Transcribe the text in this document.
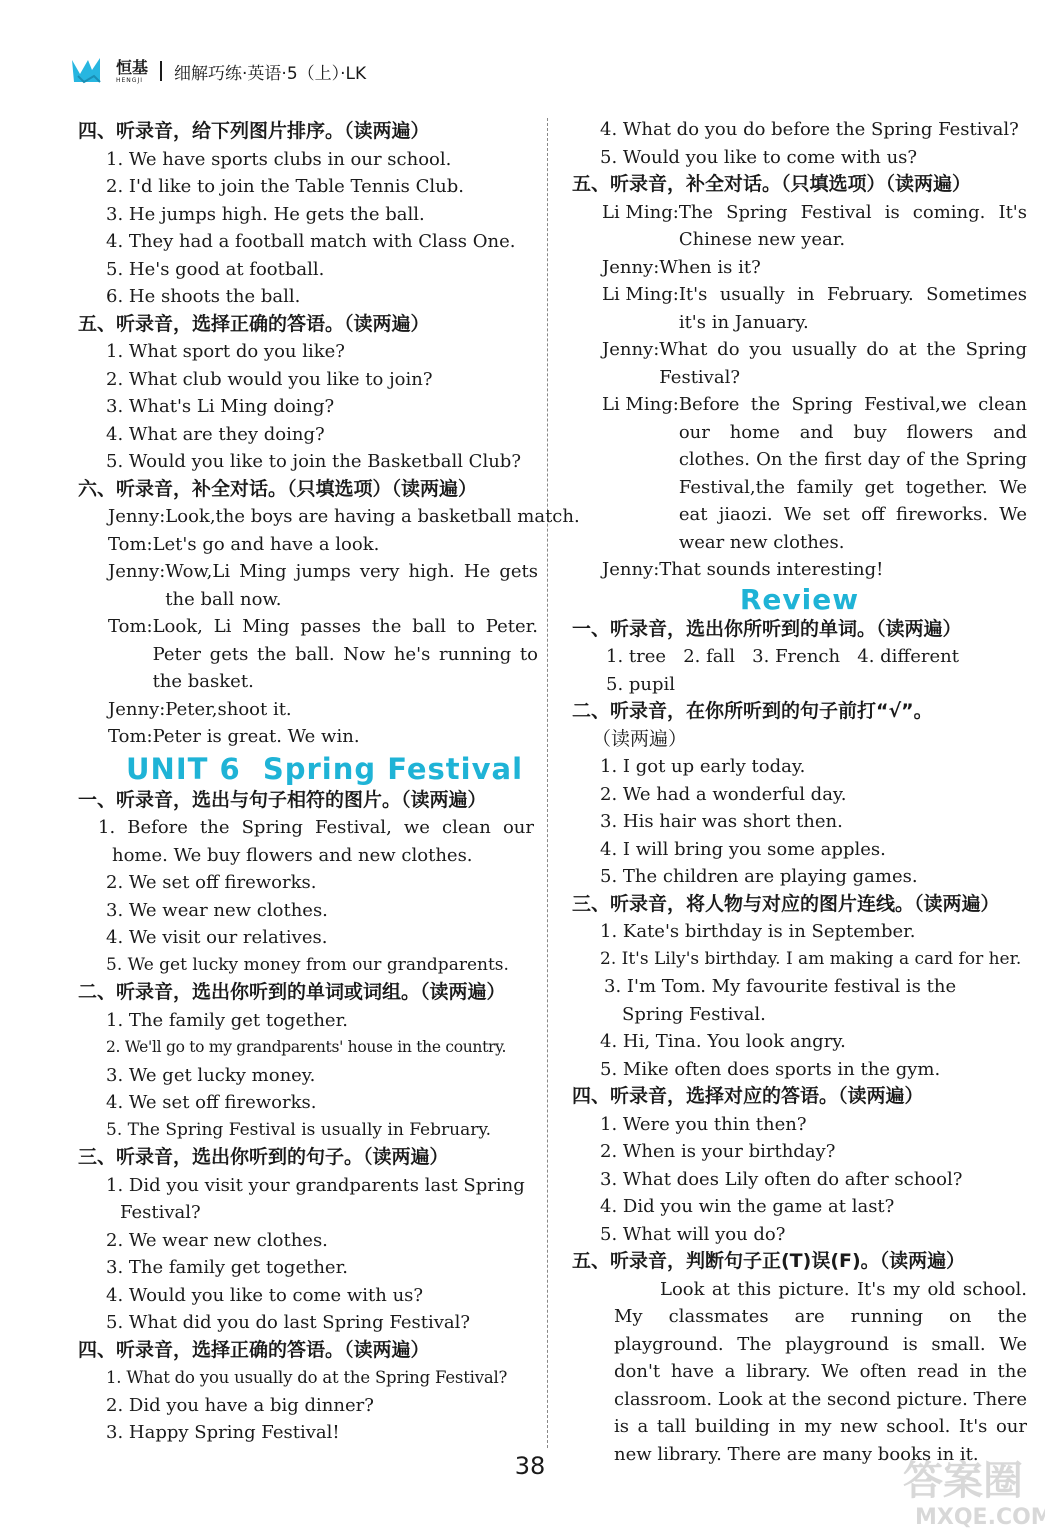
恒基
HENGJI 细解巧练·英语·5（上）·LK
四、听录音，给下列图片排序。（读两遍）
1. We have sports clubs in our school.
2. I'd like to join the Table Tennis Club.
3. He jumps high. He gets the ball.
4. They had a football match with Class One.
5. He's good at football.
6. He shoots the ball.
五、听录音，选择正确的答语。（读两遍）
1. What sport do you like?
2. What club would you like to join?
3. What's Li Ming doing?
4. What are they doing?
5. Would you like to join the Basketball Club?
六、听录音，补全对话。（只填选项）（读两遍）
Jenny: Look,the boys are having a basketball match.
Tom: Let's go and have a look.
Jenny: Wow,Li Ming jumps very high. He gets the ball now.
Tom: Look, Li Ming passes the ball to Peter. Peter gets the ball. Now he's running to the basket.
Jenny: Peter,shoot it.
Tom: Peter is great. We win.
UNIT 6  Spring Festival
一、听录音，选出与句子相符的图片。（读两遍）
1. Before the Spring Festival, we clean our home. We buy flowers and new clothes.
2. We set off fireworks.
3. We wear new clothes.
4. We visit our relatives.
5. We get lucky money from our grandparents.
二、听录音，选出你听到的单词或词组。（读两遍）
1. The family get together.
2. We'll go to my grandparents' house in the country.
3. We get lucky money.
4. We set off fireworks.
5. The Spring Festival is usually in February.
三、听录音，选出你听到的句子。（读两遍）
1. Did you visit your grandparents last Spring Festival?
2. We wear new clothes.
3. The family get together.
4. Would you like to come with us?
5. What did you do last Spring Festival?
四、听录音，选择正确的答语。（读两遍）
1. What do you usually do at the Spring Festival?
2. Did you have a big dinner?
3. Happy Spring Festival!
4. What do you do before the Spring Festival?
5. Would you like to come with us?
五、听录音，补全对话。（只填选项）（读两遍）
Li Ming: The Spring Festival is coming. It's Chinese new year.
Jenny: When is it?
Li Ming: It's usually in February. Sometimes it's in January.
Jenny: What do you usually do at the Spring Festival?
Li Ming: Before the Spring Festival,we clean our home and buy flowers and clothes. On the first day of the Spring Festival,the family get together. We eat jiaozi. We set off fireworks. We wear new clothes.
Jenny: That sounds interesting!
Review
一、听录音，选出你所听到的单词。（读两遍）
1. tree   2. fall   3. French   4. different
5. pupil
二、听录音，在你所听到的句子前打“√”。
（读两遍）
1. I got up early today.
2. We had a wonderful day.
3. His hair was short then.
4. I will bring you some apples.
5. The children are playing games.
三、听录音，将人物与对应的图片连线。（读两遍）
1. Kate's birthday is in September.
2. It's Lily's birthday. I am making a card for her.
3. I'm Tom. My favourite festival is the Spring Festival.
4. Hi, Tina. You look angry.
5. Mike often does sports in the gym.
四、听录音，选择对应的答语。（读两遍）
1. Were you thin then?
2. When is your birthday?
3. What does Lily often do after school?
4. Did you win the game at last?
5. What will you do?
五、听录音，判断句子正(T)误(F)。（读两遍）
Look at this picture. It's my old school. My classmates are running on the playground. The playground is small. We don't have a library. We often read in the classroom. Look at the second picture. There is a tall building in my new school. It's our new library. There are many books in it.
38	答案圈
MXQE.COM
